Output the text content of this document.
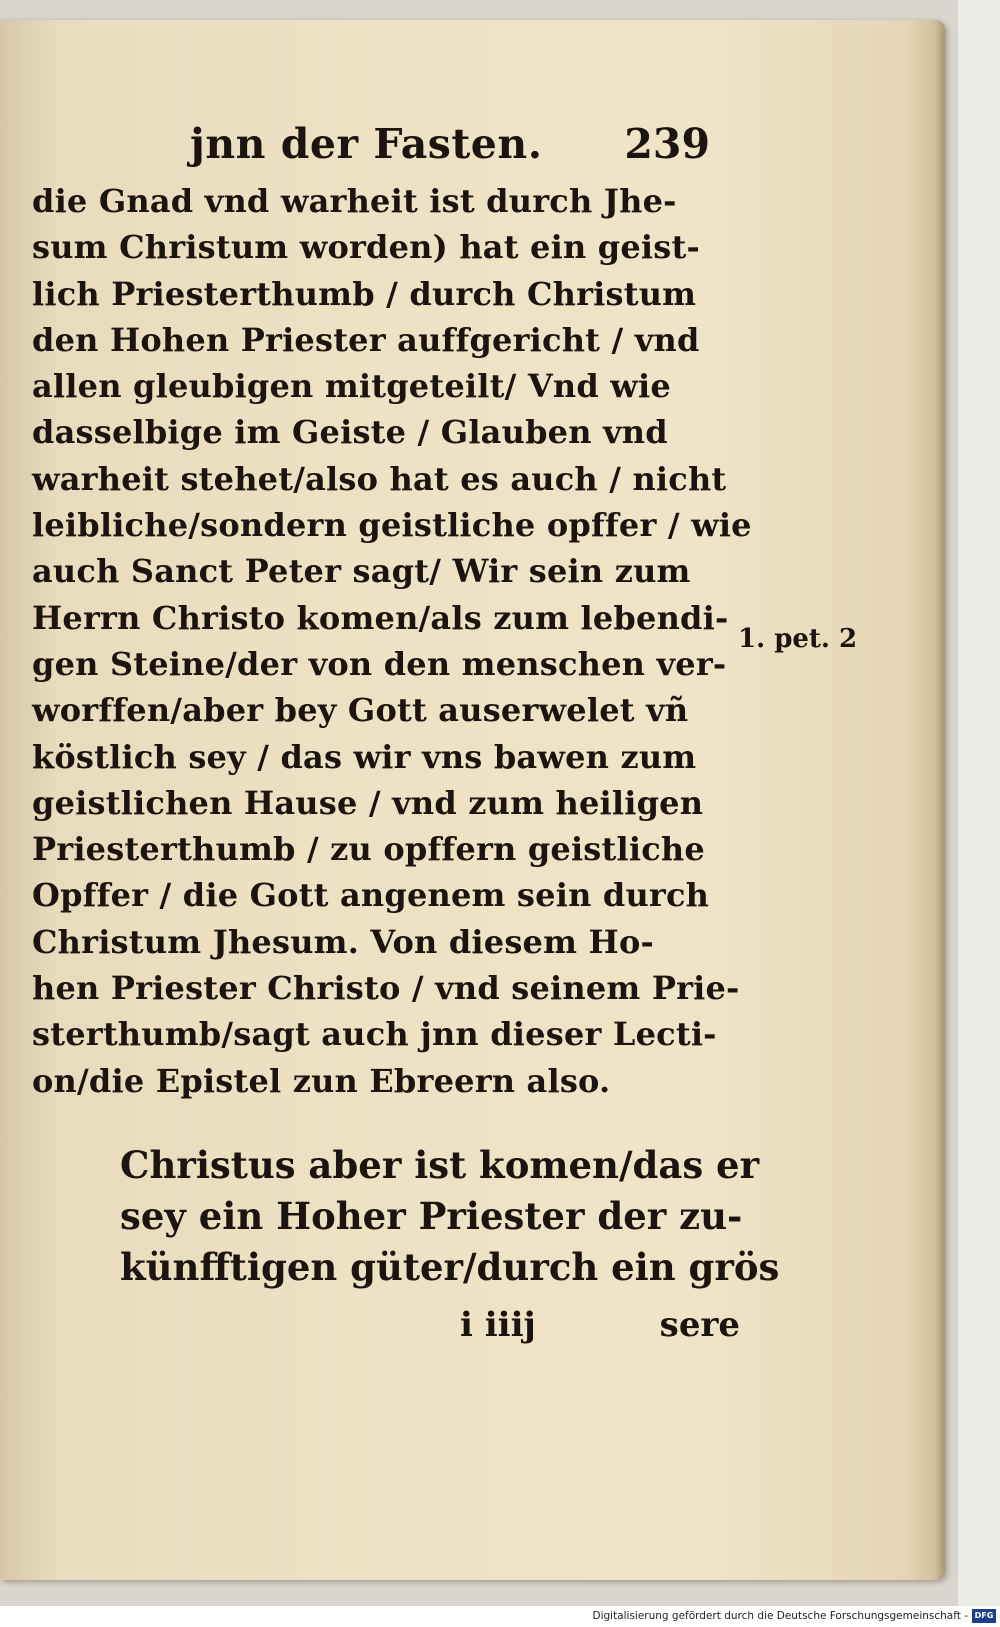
jnn der Fasten. 239
die Gnad vnd warheit ist durch Jhe-
sum Christum worden) hat ein geist-
lich Priesterthumb / durch Christum
den Hohen Priester auffgericht / vnd
allen gleubigen mitgeteilt/ Vnd wie
dasselbige im Geiste / Glauben vnd
warheit stehet/also hat es auch / nicht
leibliche/sondern geistliche opffer / wie
auch Sanct Peter sagt/ Wir sein zum
Herrn Christo komen/als zum lebendi-
gen Steine/der von den menschen ver-
worffen/aber bey Gott auserwelet vñ
köstlich sey / das wir vns bawen zum
geistlichen Hause / vnd zum heiligen
Priesterthumb / zu opffern geistliche
Opffer / die Gott angenem sein durch
Christum Jhesum. Von diesem Ho-
hen Priester Christo / vnd seinem Prie-
sterthumb/sagt auch jnn dieser Lecti-
on/die Epistel zun Ebreern also.
1. pet. 2
Christus aber ist komen/das er
sey ein Hoher Priester der zu-
künfftigen güter/durch ein grös
i iiij	sere
Digitalisierung gefördert durch die Deutsche Forschungsgemeinschaft - DFG
